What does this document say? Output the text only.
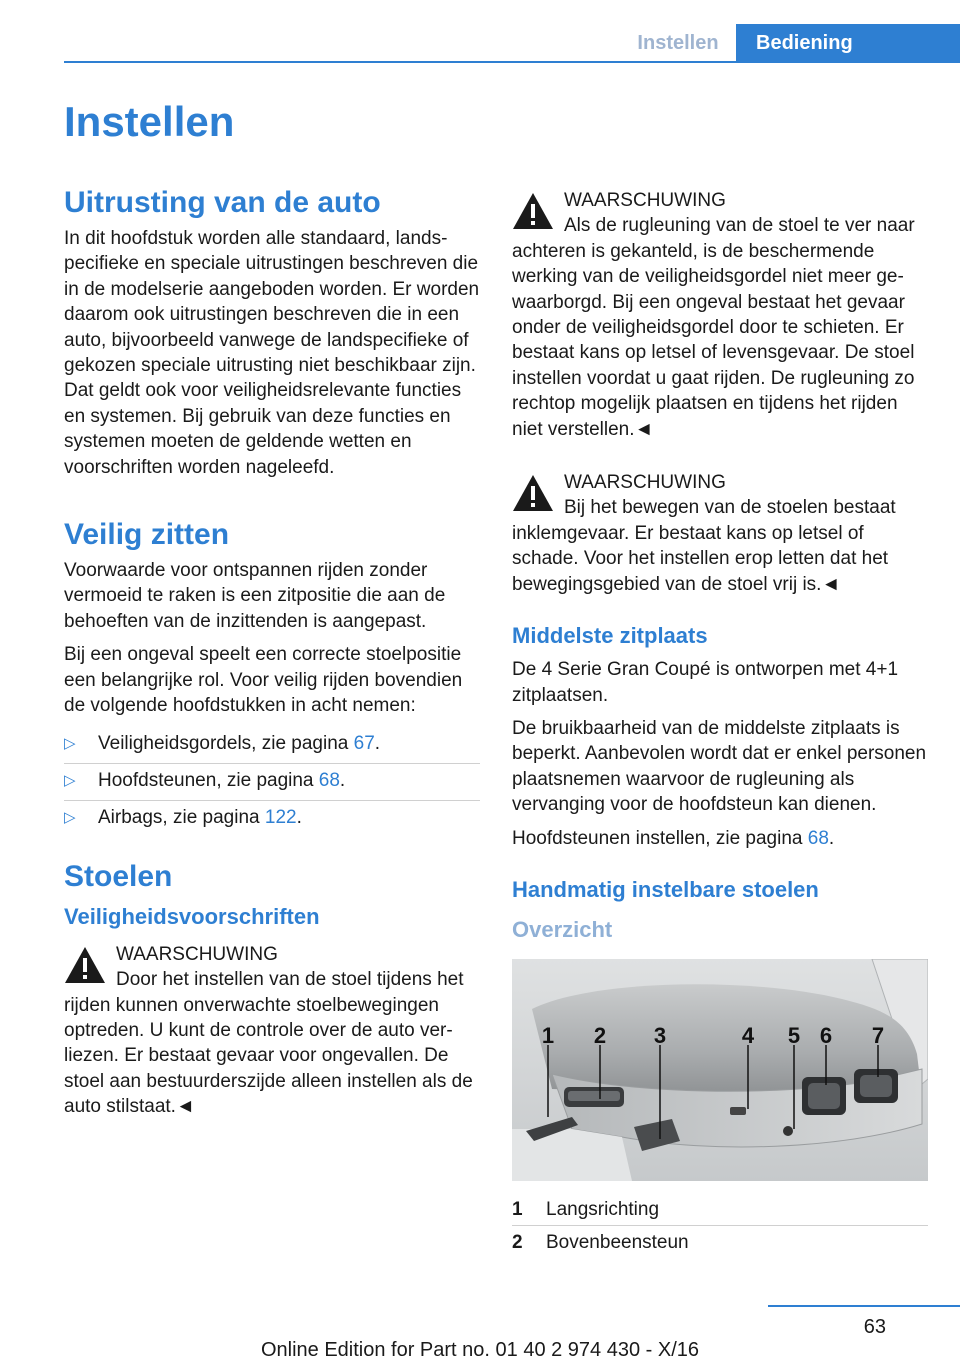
Instellen	Bediening
Instellen
Uitrusting van de auto
In dit hoofdstuk worden alle standaard, landspecifieke en speciale uitrustingen beschreven die in de modelserie aangeboden worden. Er worden daarom ook uitrustingen beschreven die in een auto, bijvoorbeeld vanwege de landspecifieke of gekozen speciale uitrusting niet beschikbaar zijn. Dat geldt ook voor veiligheidsrelevante functies en systemen. Bij gebruik van deze functies en systemen moeten de geldende wetten en voorschriften worden nageleefd.
Veilig zitten
Voorwaarde voor ontspannen rijden zonder vermoeid te raken is een zitpositie die aan de behoeften van de inzittenden is aangepast.
Bij een ongeval speelt een correcte stoelpositie een belangrijke rol. Voor veilig rijden bovendien de volgende hoofdstukken in acht nemen:
▷ Veiligheidsgordels, zie pagina 67.
▷ Hoofdsteunen, zie pagina 68.
▷ Airbags, zie pagina 122.
Stoelen
Veiligheidsvoorschriften
WAARSCHUWING
Door het instellen van de stoel tijdens het rijden kunnen onverwachte stoelbewegingen optreden. U kunt de controle over de auto verliezen. Er bestaat gevaar voor ongevallen. De stoel aan bestuurderszijde alleen instellen als de auto stilstaat.◄
WAARSCHUWING
Als de rugleuning van de stoel te ver naar achteren is gekanteld, is de beschermende werking van de veiligheidsgordel niet meer gewaarborgd. Bij een ongeval bestaat het gevaar onder de veiligheidsgordel door te schieten. Er bestaat kans op letsel of levensgevaar. De stoel instellen voordat u gaat rijden. De rugleuning zo rechtop mogelijk plaatsen en tijdens het rijden niet verstellen.◄
WAARSCHUWING
Bij het bewegen van de stoelen bestaat inklemgevaar. Er bestaat kans op letsel of schade. Voor het instellen erop letten dat het bewegingsgebied van de stoel vrij is.◄
Middelste zitplaats
De 4 Serie Gran Coupé is ontworpen met 4+1 zitplaatsen.
De bruikbaarheid van de middelste zitplaats is beperkt. Aanbevolen wordt dat er enkel personen plaatsnemen waarvoor de rugleuning als vervanging voor de hoofdsteun kan dienen.
Hoofdsteunen instellen, zie pagina 68.
Handmatig instelbare stoelen
Overzicht
1 2 3	4 5 6 7
1 Langsrichting
2 Bovenbeensteun
63
Online Edition for Part no. 01 40 2 974 430 - X/16
